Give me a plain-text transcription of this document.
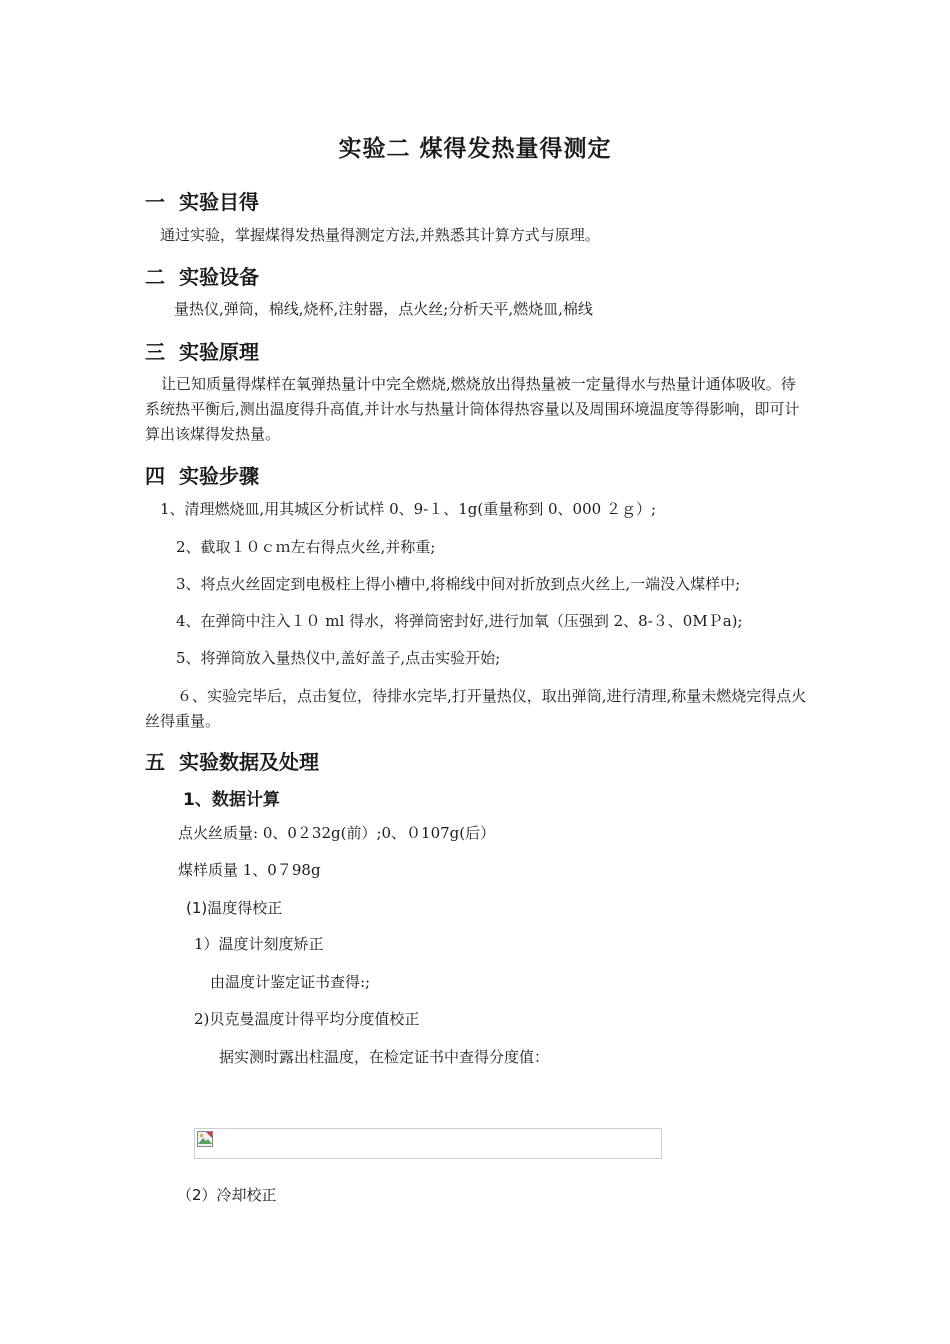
实验二 煤得发热量得测定
一 实验目得
通过实验，掌握煤得发热量得测定方法,并熟悉其计算方式与原理。
二 实验设备
量热仪,弹筒，棉线,烧杯,注射器，点火丝;分析天平,燃烧皿,棉线
三 实验原理
让已知质量得煤样在氧弹热量计中完全燃烧,燃烧放出得热量被一定量得水与热量计通体吸收。待系统热平衡后,测出温度得升高值,并计水与热量计筒体得热容量以及周围环境温度等得影响，即可计算出该煤得发热量。
四 实验步骤
1、清理燃烧皿,用其城区分析试样 0、9-１、1g(重量称到 0、000 ２ｇ）;
2、截取１０ｃｍ左右得点火丝,并称重;
3、将点火丝固定到电极柱上得小槽中,将棉线中间对折放到点火丝上,一端没入煤样中;
4、在弹筒中注入１０ ml 得水，将弹筒密封好,进行加氧（压强到 2、8-３、0MＰa);
5、将弹筒放入量热仪中,盖好盖子,点击实验开始;
６、实验完毕后，点击复位，待排水完毕,打开量热仪，取出弹筒,进行清理,称量未燃烧完得点火丝得重量。
五 实验数据及处理
1、数据计算
点火丝质量: 0、0２32g(前）;0、０107g(后）
煤样质量 1、0７98g
(1)温度得校正
1）温度计刻度矫正
由温度计鉴定证书查得:;
2)贝克曼温度计得平均分度值校正
据实测时露出柱温度，在检定证书中查得分度值：
（2）冷却校正
